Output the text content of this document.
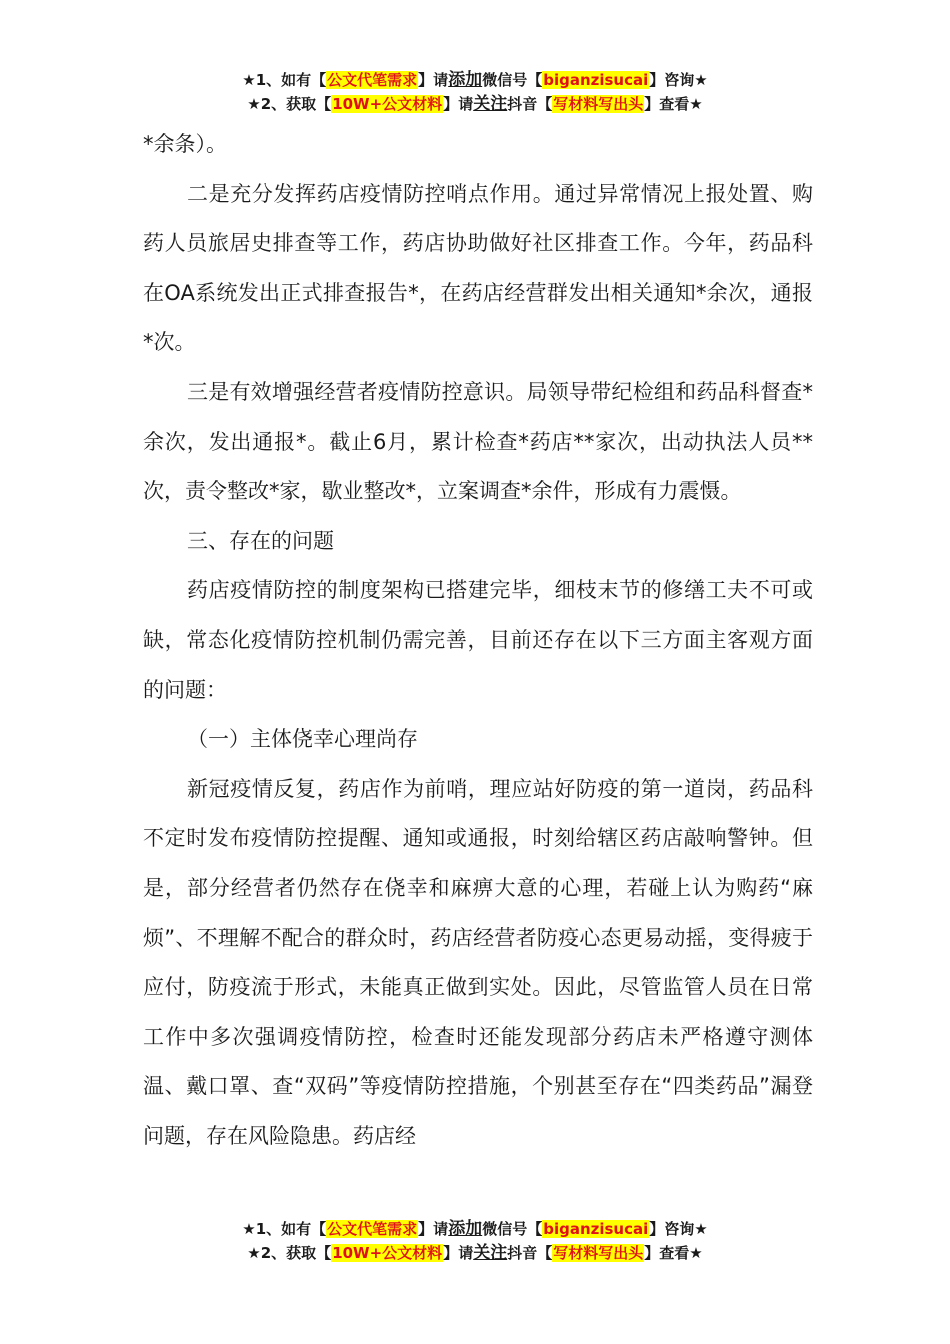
★1、如有【公文代笔需求】请添加微信号【biganzisucai】咨询★
★2、获取【10W+公文材料】请关注抖音【写材料写出头】查看★

*余条）。

二是充分发挥药店疫情防控哨点作用。通过异常情况上报处置、购药人员旅居史排查等工作，药店协助做好社区排查工作。今年，药品科在OA系统发出正式排查报告*，在药店经营群发出相关通知*余次，通报*次。

三是有效增强经营者疫情防控意识。局领导带纪检组和药品科督查*余次，发出通报*。截止6月，累计检查*药店**家次，出动执法人员**次，责令整改*家，歇业整改*，立案调查*余件，形成有力震慑。

三、存在的问题

药店疫情防控的制度架构已搭建完毕，细枝末节的修缮工夫不可或缺，常态化疫情防控机制仍需完善，目前还存在以下三方面主客观方面的问题：

（一）主体侥幸心理尚存

新冠疫情反复，药店作为前哨，理应站好防疫的第一道岗，药品科不定时发布疫情防控提醒、通知或通报，时刻给辖区药店敲响警钟。但是，部分经营者仍然存在侥幸和麻痹大意的心理，若碰上认为购药“麻烦”、不理解不配合的群众时，药店经营者防疫心态更易动摇，变得疲于应付，防疫流于形式，未能真正做到实处。因此，尽管监管人员在日常工作中多次强调疫情防控，检查时还能发现部分药店未严格遵守测体温、戴口罩、查“双码”等疫情防控措施，个别甚至存在“四类药品”漏登问题，存在风险隐患。药店经

★1、如有【公文代笔需求】请添加微信号【biganzisucai】咨询★
★2、获取【10W+公文材料】请关注抖音【写材料写出头】查看★
